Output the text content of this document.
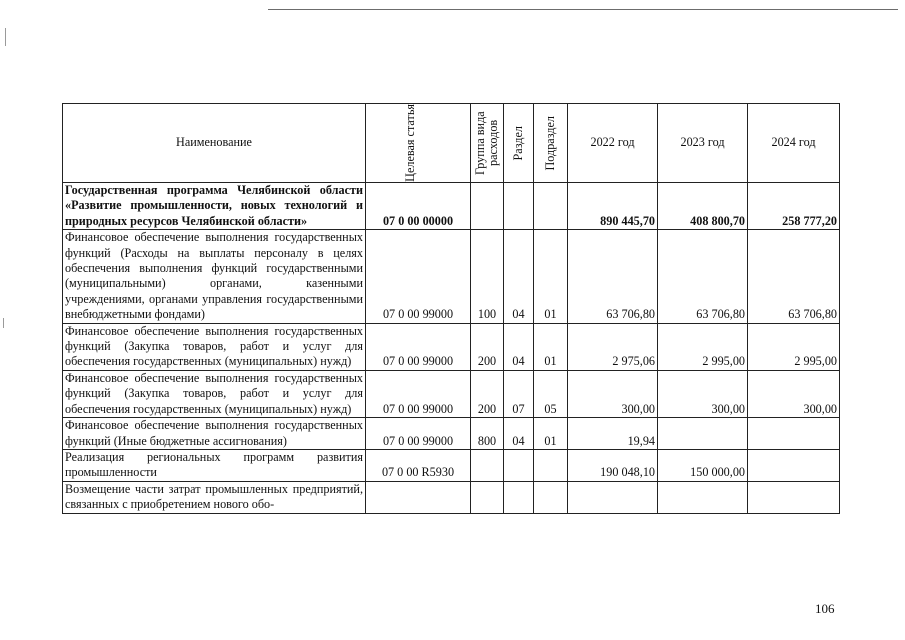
Наименование	Целевая статья	Группа вида расходов	Раздел	Подраздел	2022 год	2023 год	2024 год
Государственная программа Челябинской области «Развитие промышленности, новых технологий и природных ресурсов Челябинской области»	07 0 00 00000				890 445,70	408 800,70	258 777,20
Финансовое обеспечение выполнения государственных функций (Расходы на выплаты персоналу в целях обеспечения выполнения функций государственными (муниципальными) органами, казенными учреждениями, органами управления государственными внебюджетными фондами)	07 0 00 99000	100	04	01	63 706,80	63 706,80	63 706,80
Финансовое обеспечение выполнения государственных функций (Закупка товаров, работ и услуг для обеспечения государственных (муниципальных) нужд)	07 0 00 99000	200	04	01	2 975,06	2 995,00	2 995,00
Финансовое обеспечение выполнения государственных функций (Закупка товаров, работ и услуг для обеспечения государственных (муниципальных) нужд)	07 0 00 99000	200	07	05	300,00	300,00	300,00
Финансовое обеспечение выполнения государственных функций (Иные бюджетные ассигнования)	07 0 00 99000	800	04	01	19,94		
Реализация региональных программ развития промышленности	07 0 00 R5930				190 048,10	150 000,00	
Возмещение части затрат промышленных предприятий, связанных с приобретением нового обо-							
106
